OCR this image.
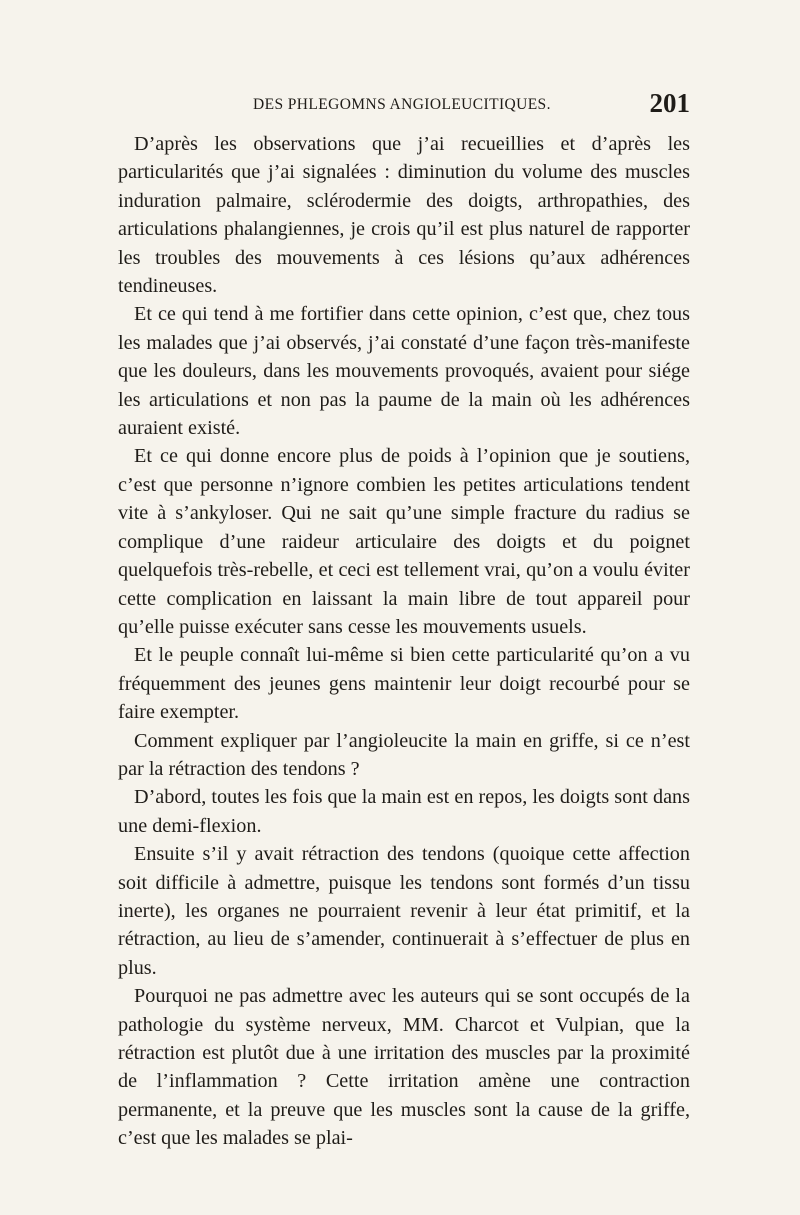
DES PHLEGOMNS ANGIOLEUCITIQUES.	201

D’après les observations que j’ai recueillies et d’après les particularités que j’ai signalées : diminution du volume des muscles induration palmaire, sclérodermie des doigts, arthropathies, des articulations phalangiennes, je crois qu’il est plus naturel de rapporter les troubles des mouvements à ces lésions qu’aux adhérences tendineuses.

Et ce qui tend à me fortifier dans cette opinion, c’est que, chez tous les malades que j’ai observés, j’ai constaté d’une façon très-manifeste que les douleurs, dans les mouvements provoqués, avaient pour siége les articulations et non pas la paume de la main où les adhérences auraient existé.

Et ce qui donne encore plus de poids à l’opinion que je soutiens, c’est que personne n’ignore combien les petites articulations tendent vite à s’ankyloser. Qui ne sait qu’une simple fracture du radius se complique d’une raideur articulaire des doigts et du poignet quelquefois très-rebelle, et ceci est tellement vrai, qu’on a voulu éviter cette complication en laissant la main libre de tout appareil pour qu’elle puisse exécuter sans cesse les mouvements usuels.

Et le peuple connaît lui-même si bien cette particularité qu’on a vu fréquemment des jeunes gens maintenir leur doigt recourbé pour se faire exempter.

Comment expliquer par l’angioleucite la main en griffe, si ce n’est par la rétraction des tendons ?

D’abord, toutes les fois que la main est en repos, les doigts sont dans une demi-flexion.

Ensuite s’il y avait rétraction des tendons (quoique cette affection soit difficile à admettre, puisque les tendons sont formés d’un tissu inerte), les organes ne pourraient revenir à leur état primitif, et la rétraction, au lieu de s’amender, continuerait à s’effectuer de plus en plus.

Pourquoi ne pas admettre avec les auteurs qui se sont occupés de la pathologie du système nerveux, MM. Charcot et Vulpian, que la rétraction est plutôt due à une irritation des muscles par la proximité de l’inflammation ? Cette irritation amène une contraction permanente, et la preuve que les muscles sont la cause de la griffe, c’est que les malades se plai-
